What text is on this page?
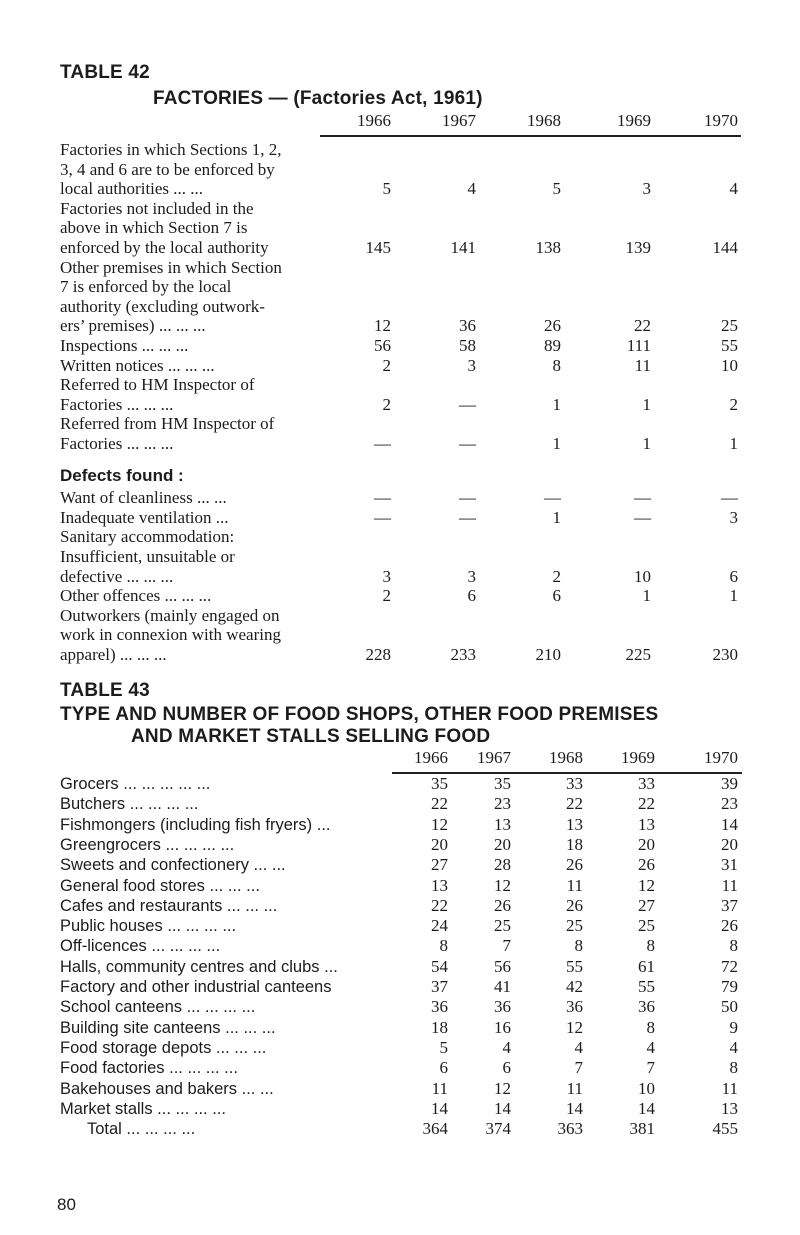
TABLE 42
FACTORIES — (Factories Act, 1961)
1966	1967	1968	1969	1970
Factories in which Sections 1, 2,
3, 4 and 6 are to be enforced by
local authorities ... ...	5	4	5	3	4
Factories not included in the
above in which Section 7 is
enforced by the local authority	145	141	138	139	144
Other premises in which Section
7 is enforced by the local
authority (excluding outwork-
ers’ premises) ... ... ...	12	36	26	22	25
Inspections ... ... ...	56	58	89	111	55
Written notices ... ... ...	2	3	8	11	10
Referred to HM Inspector of
Factories ... ... ...	2	—	1	1	2
Referred from HM Inspector of
Factories ... ... ...	—	—	1	1	1
Defects found :
Want of cleanliness ... ...	—	—	—	—	—
Inadequate ventilation ...	—	—	1	—	3
Sanitary accommodation:
Insufficient, unsuitable or
defective ... ... ...	3	3	2	10	6
Other offences ... ... ...	2	6	6	1	1
Outworkers (mainly engaged on
work in connexion with wearing
apparel) ... ... ...	228	233	210	225	230
TABLE 43
TYPE AND NUMBER OF FOOD SHOPS, OTHER FOOD PREMISES
AND MARKET STALLS SELLING FOOD
1966	1967	1968	1969	1970
Grocers ... ... ... ... ...	35	35	33	33	39
Butchers ... ... ... ...	22	23	22	22	23
Fishmongers (including fish fryers) ...	12	13	13	13	14
Greengrocers ... ... ... ...	20	20	18	20	20
Sweets and confectionery ... ...	27	28	26	26	31
General food stores ... ... ...	13	12	11	12	11
Cafes and restaurants ... ... ...	22	26	26	27	37
Public houses ... ... ... ...	24	25	25	25	26
Off-licences ... ... ... ...	8	7	8	8	8
Halls, community centres and clubs ...	54	56	55	61	72
Factory and other industrial canteens	37	41	42	55	79
School canteens ... ... ... ...	36	36	36	36	50
Building site canteens ... ... ...	18	16	12	8	9
Food storage depots ... ... ...	5	4	4	4	4
Food factories ... ... ... ...	6	6	7	7	8
Bakehouses and bakers ... ...	11	12	11	10	11
Market stalls ... ... ... ...	14	14	14	14	13
Total ... ... ... ...	364	374	363	381	455
80
